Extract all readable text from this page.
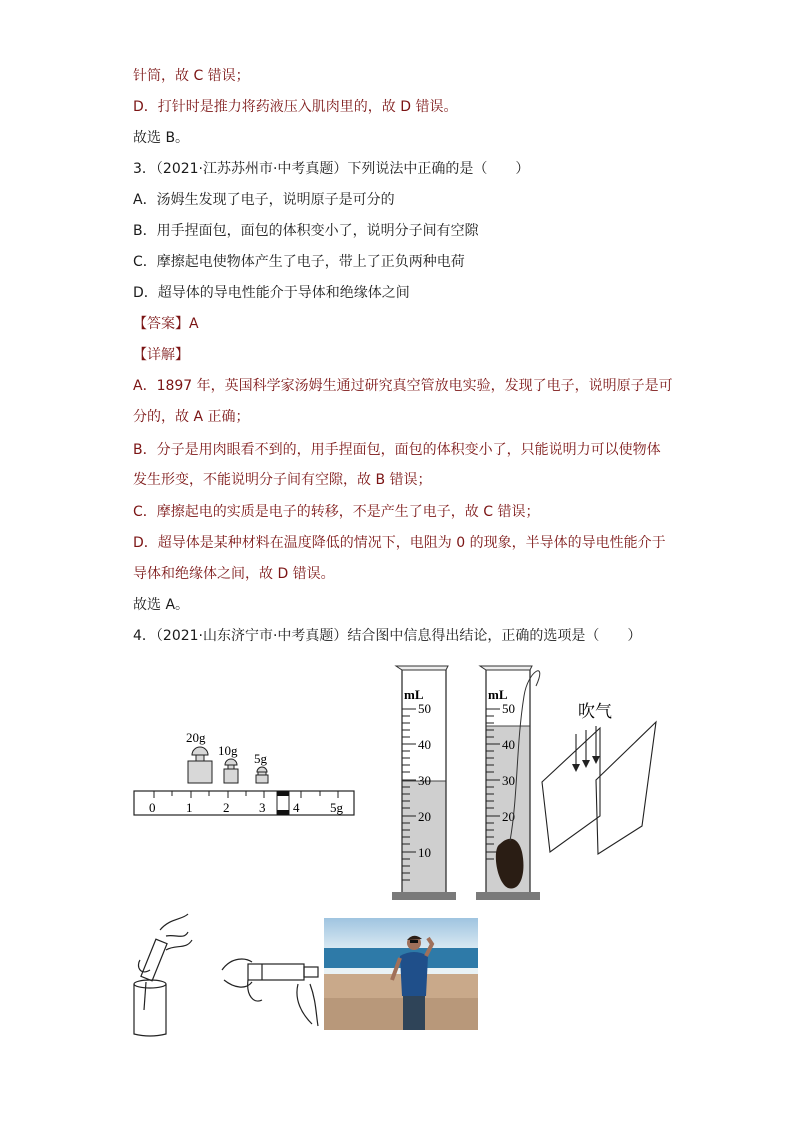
针筒，故 C 错误；
D．打针时是推力将药液压入肌肉里的，故 D 错误。
故选 B。
3．（2021·江苏苏州市·中考真题）下列说法中正确的是（　　）
A．汤姆生发现了电子，说明原子是可分的
B．用手捏面包，面包的体积变小了，说明分子间有空隙
C．摩擦起电使物体产生了电子，带上了正负两种电荷
D．超导体的导电性能介于导体和绝缘体之间
【答案】A
【详解】
A．1897 年，英国科学家汤姆生通过研究真空管放电实验，发现了电子，说明原子是可
分的，故 A 正确；
B．分子是用肉眼看不到的，用手捏面包，面包的体积变小了，只能说明力可以使物体
发生形变，不能说明分子间有空隙，故 B 错误；
C．摩擦起电的实质是电子的转移，不是产生了电子，故 C 错误；
D．超导体是某种材料在温度降低的情况下，电阻为 0 的现象，半导体的导电性能介于
导体和绝缘体之间，故 D 错误。
故选 A。
4．（2021·山东济宁市·中考真题）结合图中信息得出结论，正确的选项是（　　）
20g
10g
5g
0 1 2 3 4 5g
mL
50
40
30
20
10
mL
50
40
30
20
吹气
